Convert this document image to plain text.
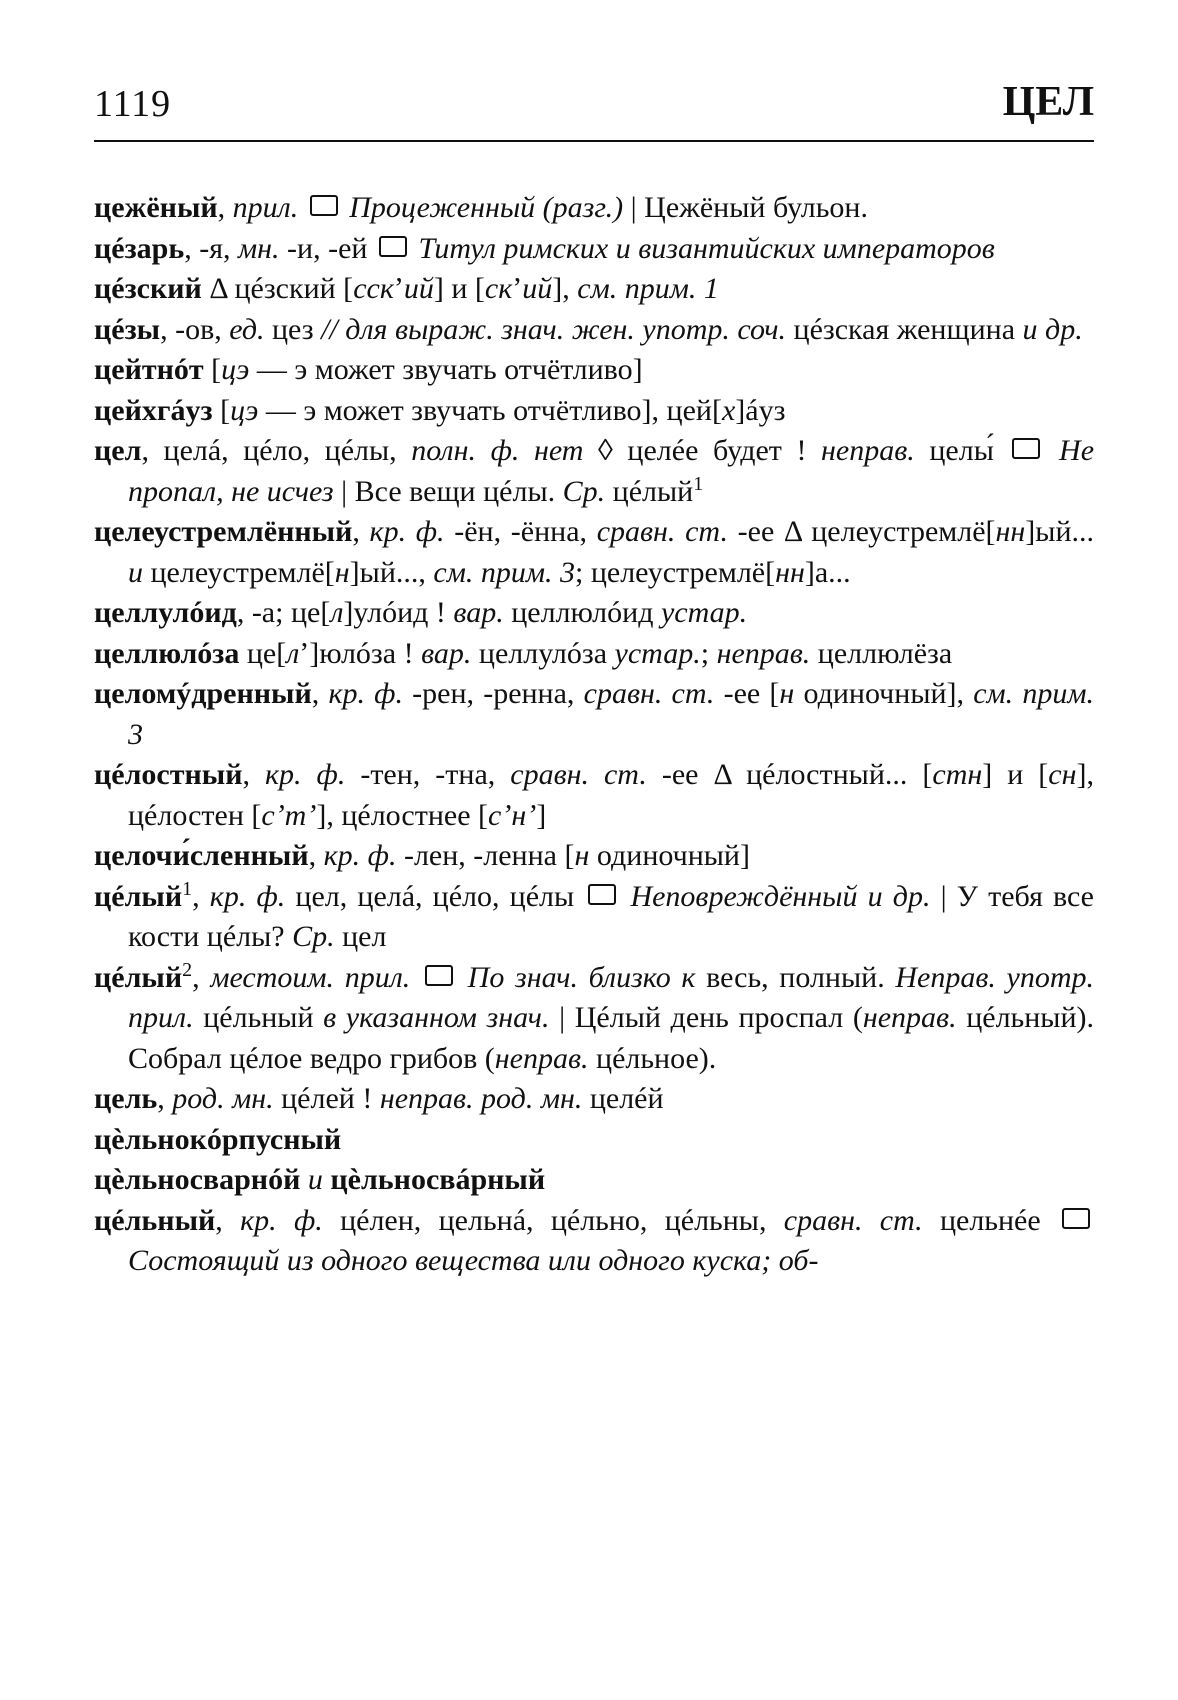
1119	ЦЕЛ

цежёный, прил. Процеженный (разг.) | Цежёный бульон.

цéзарь, -я, мн. -и, -ей  Титул римских и византийских императоров

цéзский Δ цéзский [сскʼий] и [скʼий], см. прим. 1

цéзы, -ов, ед. цез // для выраж. знач. жен. употр. соч. цéзская женщина и др.

цейтнóт [цэ — э может звучать отчётливо]

цейхгáуз [цэ — э может звучать отчётливо], цей[х]áуз

цел, целá, цéло, цéлы, полн. ф. нет ◊ целéе будет ! неправ. целы́  Не пропал, не исчез | Все вещи цéлы. Ср. цéлый$^1$

целеустремлённый, кр. ф. -ён, -ённа, сравн. ст. -ее Δ целеустремлё[нн]ый... и целеустремлё[н]ый..., см. прим. 3; целеустремлё[нн]а...

целлулóид, -а; це[л]улóид ! вар. целлюлóид устар.

целлюлóза це[лʼ]юлóза ! вар. целлулóза устар.; неправ. целлюлёза

целомýдренный, кр. ф. -рен, -ренна, сравн. ст. -ее [н одиночный], см. прим. 3

цéлостный, кр. ф. -тен, -тна, сравн. ст. -ее Δ цéлостный... [стн] и [сн], цéлостен [сʼтʼ], цéлостнее [сʼнʼ]

целочи́сленный, кр. ф. -лен, -ленна [н одиночный]

цéлый$^1$, кр. ф. цел, целá, цéло, цéлы  Неповреждённый и др. | У тебя все кости цéлы? Ср. цел

цéлый$^2$, местоим. прил. По знач. близко к весь, полный. Неправ. употр. прил. цéльный в указанном знач. | Цéлый день проспал (неправ. цéльный). Собрал цéлое ведро грибов (неправ. цéльное).

цель, род. мн. цéлей ! неправ. род. мн. целéй

цѐльнокóрпусный

цѐльносварнóй и цѐльносвáрный

цéльный, кр. ф. цéлен, цельнá, цéльно, цéльны, сравн. ст. цельнéе  Состоящий из одного вещества или одного куска; об-
